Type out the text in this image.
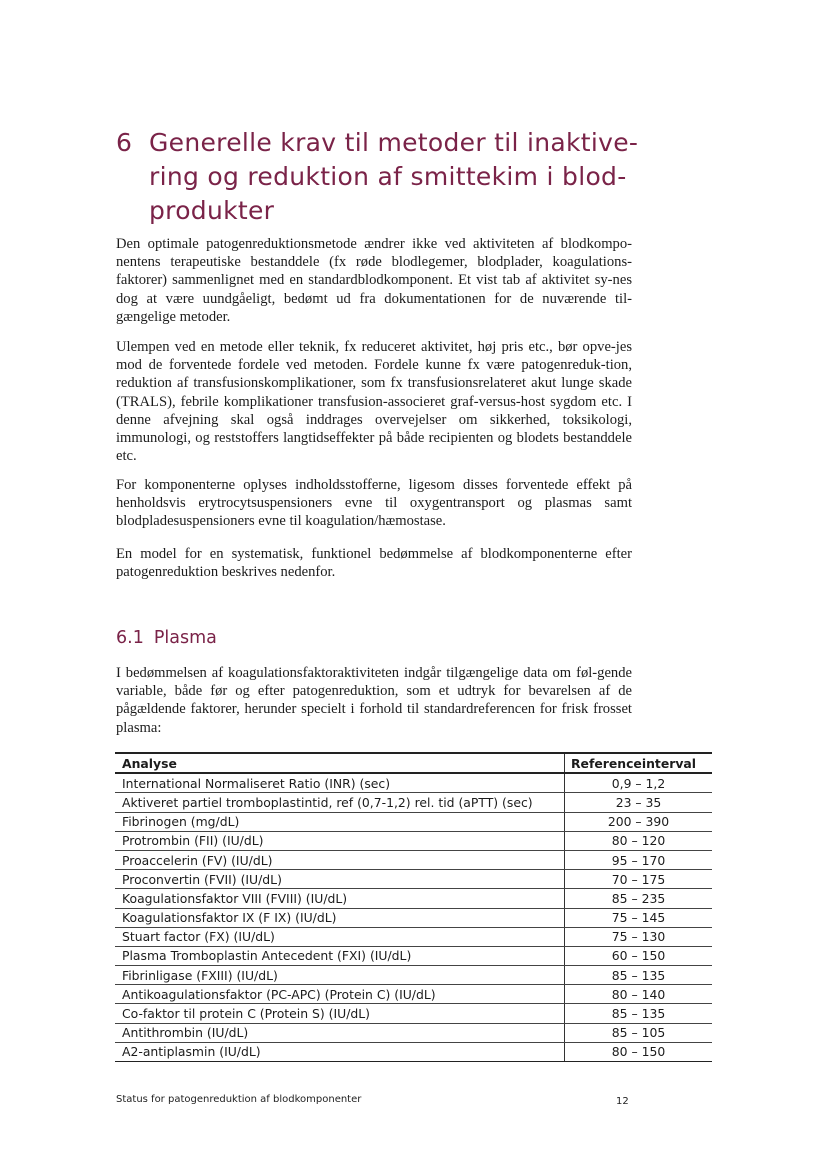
6 Generelle krav til metoder til inaktive-
ring og reduktion af smittekim i blod-
produkter

Den optimale patogenreduktionsmetode ændrer ikke ved aktiviteten af blodkompo-nentens terapeutiske bestanddele (fx røde blodlegemer, blodplader, koagulations-faktorer) sammenlignet med en standardblodkomponent. Et vist tab af aktivitet sy-nes dog at være uundgåeligt, bedømt ud fra dokumentationen for de nuværende til-gængelige metoder.

Ulempen ved en metode eller teknik, fx reduceret aktivitet, høj pris etc., bør opve-jes mod de forventede fordele ved metoden. Fordele kunne fx være patogenreduk-tion, reduktion af transfusionskomplikationer, som fx transfusionsrelateret akut lunge skade (TRALS), febrile komplikationer transfusion-associeret graf-versus-host sygdom etc. I denne afvejning skal også inddrages overvejelser om sikkerhed, toksikologi, immunologi, og reststoffers langtidseffekter på både recipienten og blodets bestanddele etc.

For komponenterne oplyses indholdsstofferne, ligesom disses forventede effekt på henholdsvis erytrocytsuspensioners evne til oxygentransport og plasmas samt blodpladesuspensioners evne til koagulation/hæmostase.

En model for en systematisk, funktionel bedømmelse af blodkomponenterne efter patogenreduktion beskrives nedenfor.

6.1 Plasma

I bedømmelsen af koagulationsfaktoraktiviteten indgår tilgængelige data om føl-gende variable, både før og efter patogenreduktion, som et udtryk for bevarelsen af de pågældende faktorer, herunder specielt i forhold til standardreferencen for frisk frosset plasma:

Analyse	Referenceinterval
International Normaliseret Ratio (INR) (sec)	0,9 – 1,2
Aktiveret partiel tromboplastintid, ref (0,7-1,2) rel. tid (aPTT) (sec)	23 – 35
Fibrinogen (mg/dL)	200 – 390
Protrombin (FII) (IU/dL)	80 – 120
Proaccelerin (FV) (IU/dL)	95 – 170
Proconvertin (FVII) (IU/dL)	70 – 175
Koagulationsfaktor VIII (FVIII) (IU/dL)	85 – 235
Koagulationsfaktor IX (F IX) (IU/dL)	75 – 145
Stuart factor (FX) (IU/dL)	75 – 130
Plasma Tromboplastin Antecedent (FXI) (IU/dL)	60 – 150
Fibrinligase (FXIII) (IU/dL)	85 – 135
Antikoagulationsfaktor (PC-APC) (Protein C) (IU/dL)	80 – 140
Co-faktor til protein C (Protein S) (IU/dL)	85 – 135
Antithrombin (IU/dL)	85 – 105
A2-antiplasmin (IU/dL)	80 – 150
Status for patogenreduktion af blodkomponenter	12
